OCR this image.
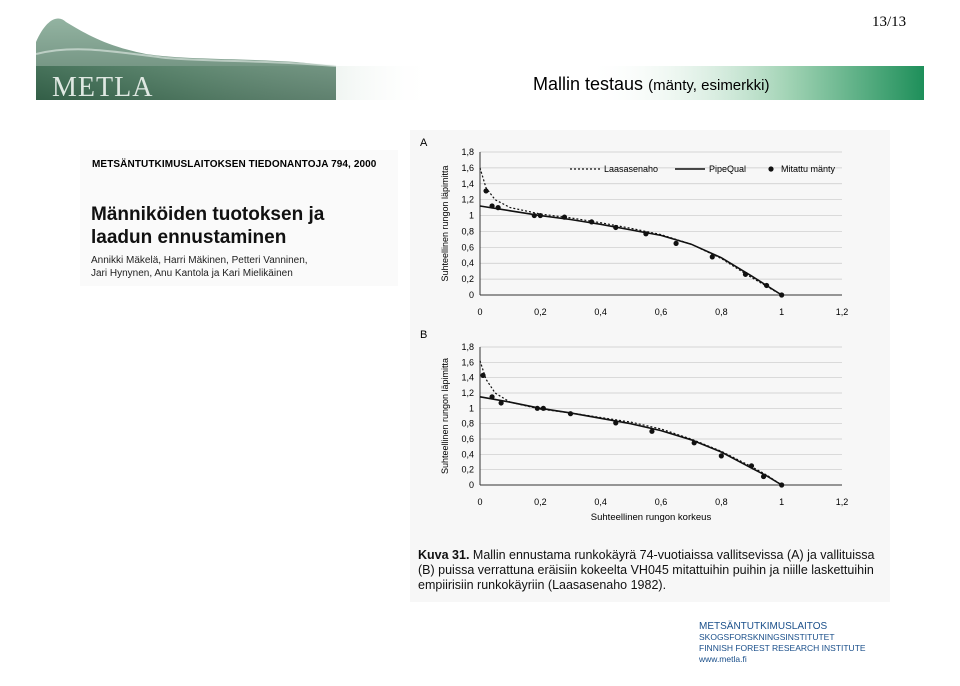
METLA
13/13
Mallin testaus (mänty, esimerkki)
METSÄNTUTKIMUSLAITOKSEN TIEDONANTOJA 794, 2000
Männiköiden tuotoksen ja
laadun ennustaminen
Annikki Mäkelä, Harri Mäkinen, Petteri Vanninen,
Jari Hynynen, Anu Kantola ja Kari Mielikäinen
A
0
0,2
0,4
0,6
0,8
1
1,2
1,4
1,6
1,8
0	0,2	0,4	0,6	0,8	1	1,2
Suhteellinen rungon läpimitta	Laasasenaho	PipeQual	Mitattu mänty
B
0
0,2
0,4
0,6
0,8
1
1,2
1,4
1,6
1,8
0	0,2	0,4	0,6	0,8	1	1,2
Suhteellinen rungon läpimitta
Suhteellinen rungon korkeus
Kuva 31. Mallin ennustama runkokäyrä 74-vuotiaissa vallitsevissa (A) ja vallituissa (B) puissa verrattuna eräisiin kokeelta VH045 mitattuihin puihin ja niille laskettuihin empiirisiin runkokäyriin (Laasasenaho 1982).
METSÄNTUTKIMUSLAITOS
SKOGSFORSKNINGSINSTITUTET
FINNISH FOREST RESEARCH INSTITUTE
www.metla.fi
